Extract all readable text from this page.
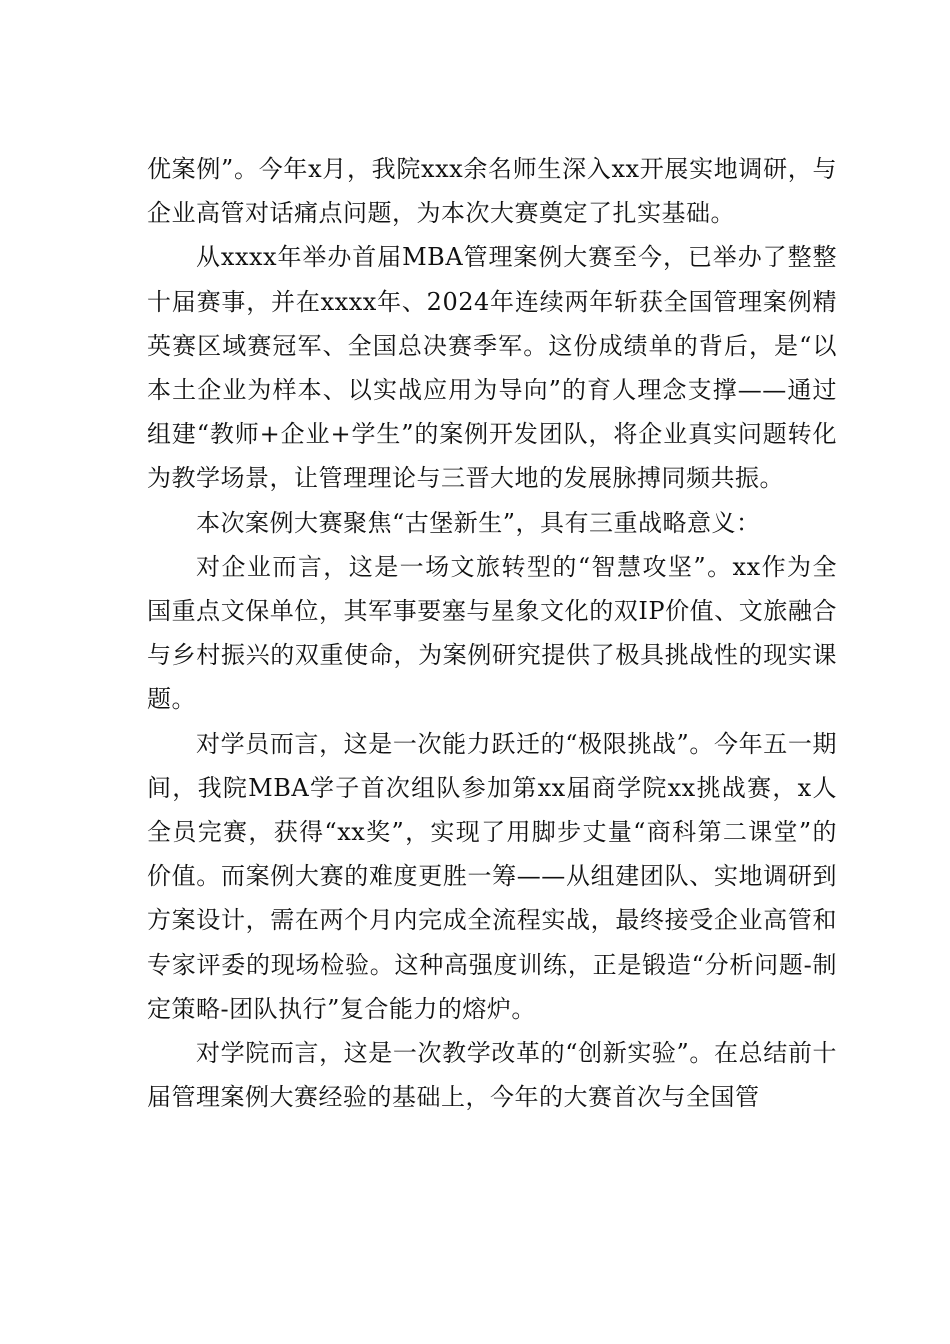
优案例”。今年x月，我院xxx余名师生深入xx开展实地调研，与企业高管对话痛点问题，为本次大赛奠定了扎实基础。

从xxxx年举办首届MBA管理案例大赛至今，已举办了整整十届赛事，并在xxxx年、2024年连续两年斩获全国管理案例精英赛区域赛冠军、全国总决赛季军。这份成绩单的背后，是“以本土企业为样本、以实战应用为导向”的育人理念支撑——通过组建“教师+企业+学生”的案例开发团队，将企业真实问题转化为教学场景，让管理理论与三晋大地的发展脉搏同频共振。

本次案例大赛聚焦“古堡新生”，具有三重战略意义：

对企业而言，这是一场文旅转型的“智慧攻坚”。xx作为全国重点文保单位，其军事要塞与星象文化的双IP价值、文旅融合与乡村振兴的双重使命，为案例研究提供了极具挑战性的现实课题。

对学员而言，这是一次能力跃迁的“极限挑战”。今年五一期间，我院MBA学子首次组队参加第xx届商学院xx挑战赛，x人全员完赛，获得“xx奖”，实现了用脚步丈量“商科第二课堂”的价值。而案例大赛的难度更胜一筹——从组建团队、实地调研到方案设计，需在两个月内完成全流程实战，最终接受企业高管和专家评委的现场检验。这种高强度训练，正是锻造“分析问题-制定策略-团队执行”复合能力的熔炉。

对学院而言，这是一次教学改革的“创新实验”。在总结前十届管理案例大赛经验的基础上，今年的大赛首次与全国管
